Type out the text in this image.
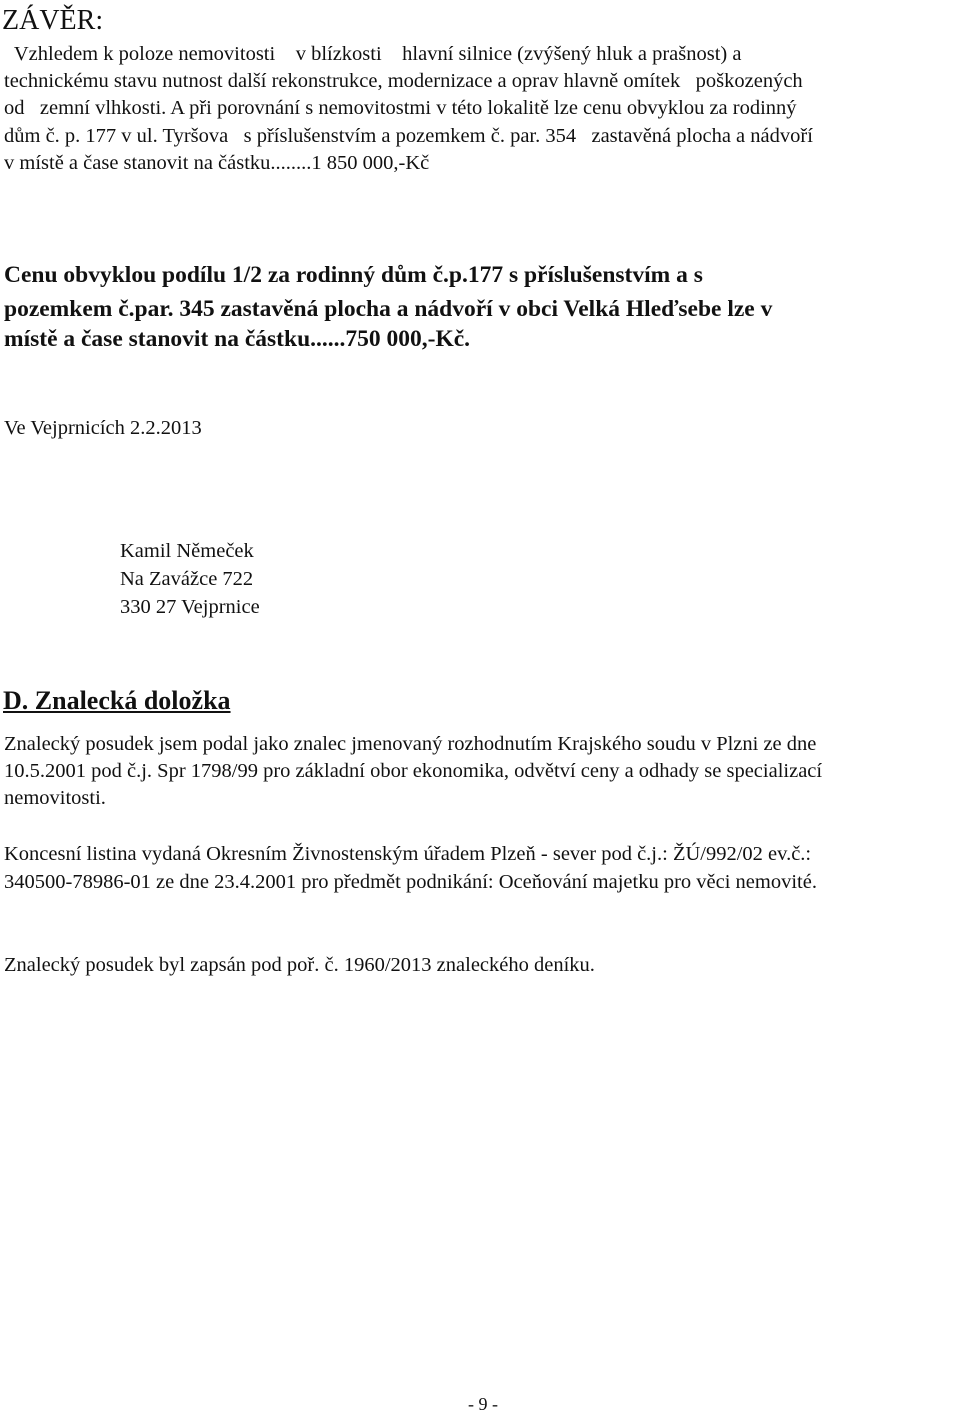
ZÁVĚR:
Vzhledem k poloze nemovitosti    v blízkosti    hlavní silnice (zvýšený hluk a prašnost) a
technickému stavu nutnost další rekonstrukce, modernizace a oprav hlavně omítek   poškozených
od   zemní vlhkosti. A při porovnání s nemovitostmi v této lokalitě lze cenu obvyklou za rodinný
dům č. p. 177 v ul. Tyršova   s příslušenstvím a pozemkem č. par. 354   zastavěná plocha a nádvoří
v místě a čase stanovit na částku........1 850 000,-Kč
Cenu obvyklou podílu 1/2 za rodinný dům č.p.177 s příslušenstvím a s
pozemkem č.par. 345 zastavěná plocha a nádvoří v obci Velká Hleďsebe lze v
místě a čase stanovit na částku......750 000,-Kč.
Ve Vejprnicích 2.2.2013
Kamil Němeček
Na Zavážce 722
330 27 Vejprnice
D. Znalecká doložka
Znalecký posudek jsem podal jako znalec jmenovaný rozhodnutím Krajského soudu v Plzni ze dne
10.5.2001 pod č.j. Spr 1798/99 pro základní obor ekonomika, odvětví ceny a odhady se specializací
nemovitosti.
Koncesní listina vydaná Okresním Živnostenským úřadem Plzeň - sever pod č.j.: ŽÚ/992/02 ev.č.:
340500-78986-01 ze dne 23.4.2001 pro předmět podnikání: Oceňování majetku pro věci nemovité.
Znalecký posudek byl zapsán pod poř. č. 1960/2013 znaleckého deníku.
- 9 -
